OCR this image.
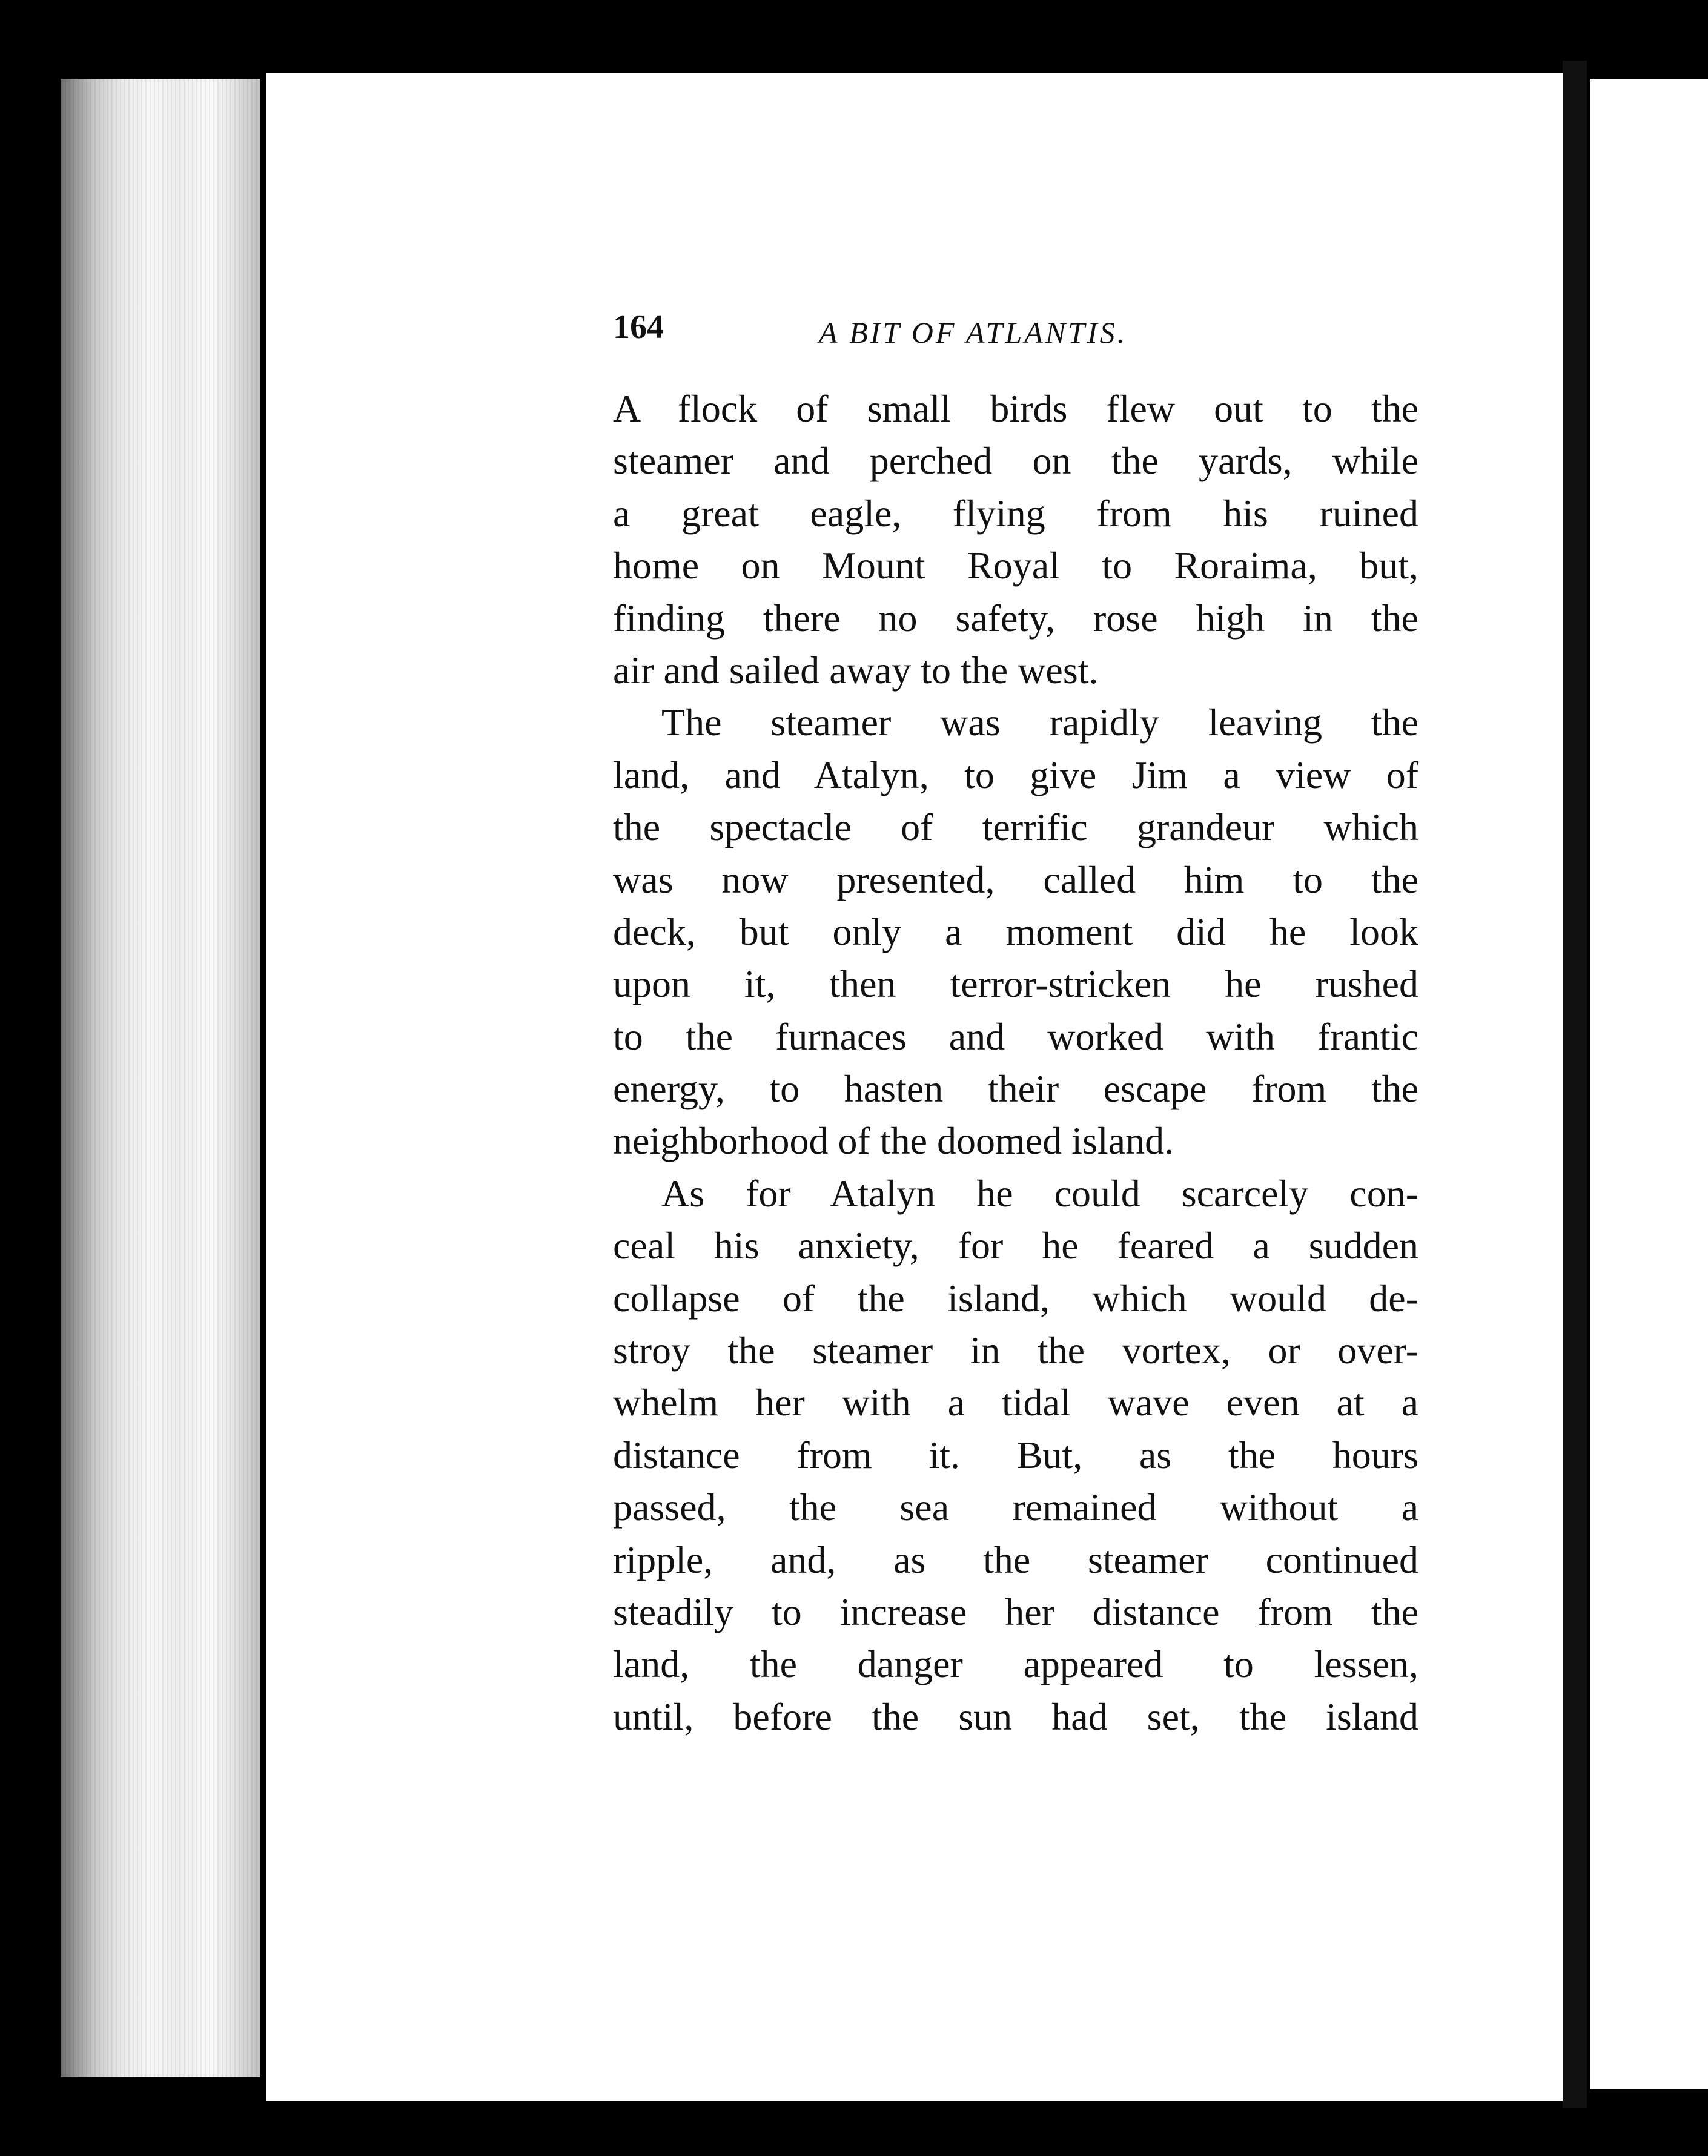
164	A BIT OF ATLANTIS.
A flock of small birds flew out to the
steamer and perched on the yards, while
a great eagle, flying from his ruined
home on Mount Royal to Roraima, but,
finding there no safety, rose high in the
air and sailed away to the west.
The steamer was rapidly leaving the
land, and Atalyn, to give Jim a view of
the spectacle of terrific grandeur which
was now presented, called him to the
deck, but only a moment did he look
upon it, then terror-stricken he rushed
to the furnaces and worked with frantic
energy, to hasten their escape from the
neighborhood of the doomed island.
As for Atalyn he could scarcely con-
ceal his anxiety, for he feared a sudden
collapse of the island, which would de-
stroy the steamer in the vortex, or over-
whelm her with a tidal wave even at a
distance from it. But, as the hours
passed, the sea remained without a
ripple, and, as the steamer continued
steadily to increase her distance from the
land, the danger appeared to lessen,
until, before the sun had set, the island
